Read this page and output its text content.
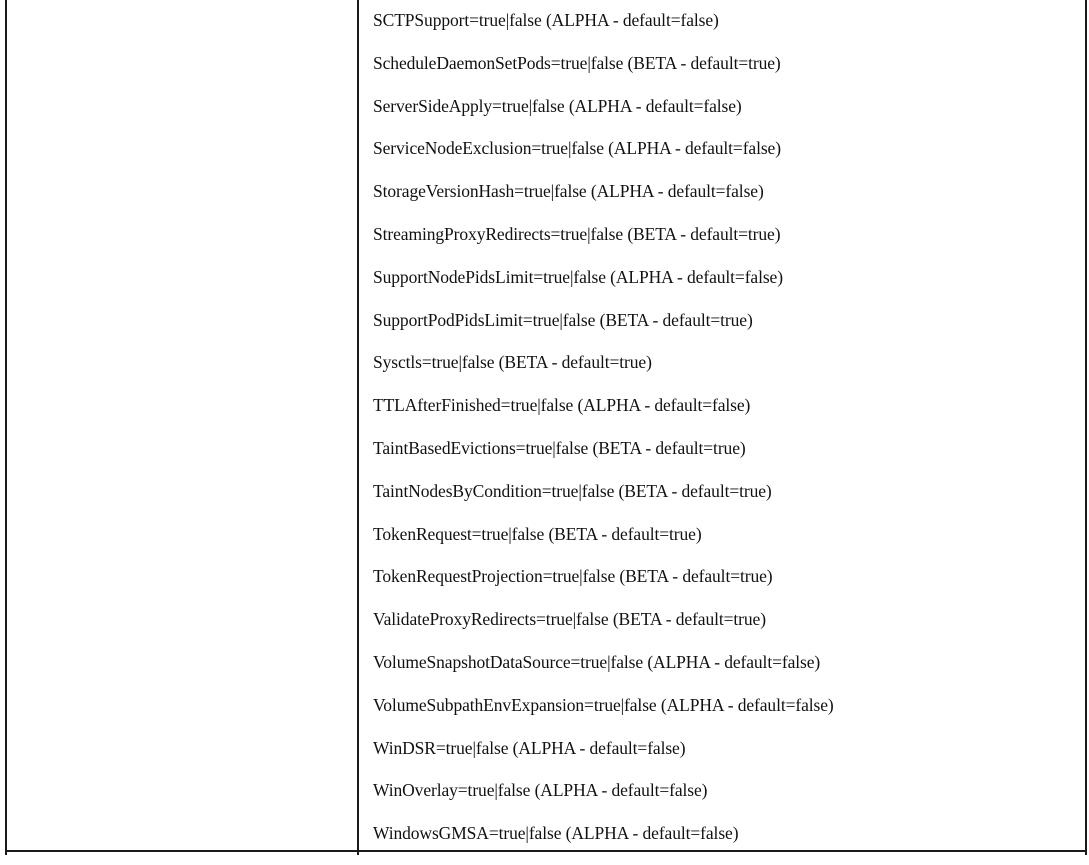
SCTPSupport=true|false (ALPHA - default=false)
ScheduleDaemonSetPods=true|false (BETA - default=true)
ServerSideApply=true|false (ALPHA - default=false)
ServiceNodeExclusion=true|false (ALPHA - default=false)
StorageVersionHash=true|false (ALPHA - default=false)
StreamingProxyRedirects=true|false (BETA - default=true)
SupportNodePidsLimit=true|false (ALPHA - default=false)
SupportPodPidsLimit=true|false (BETA - default=true)
Sysctls=true|false (BETA - default=true)
TTLAfterFinished=true|false (ALPHA - default=false)
TaintBasedEvictions=true|false (BETA - default=true)
TaintNodesByCondition=true|false (BETA - default=true)
TokenRequest=true|false (BETA - default=true)
TokenRequestProjection=true|false (BETA - default=true)
ValidateProxyRedirects=true|false (BETA - default=true)
VolumeSnapshotDataSource=true|false (ALPHA - default=false)
VolumeSubpathEnvExpansion=true|false (ALPHA - default=false)
WinDSR=true|false (ALPHA - default=false)
WinOverlay=true|false (ALPHA - default=false)
WindowsGMSA=true|false (ALPHA - default=false)
